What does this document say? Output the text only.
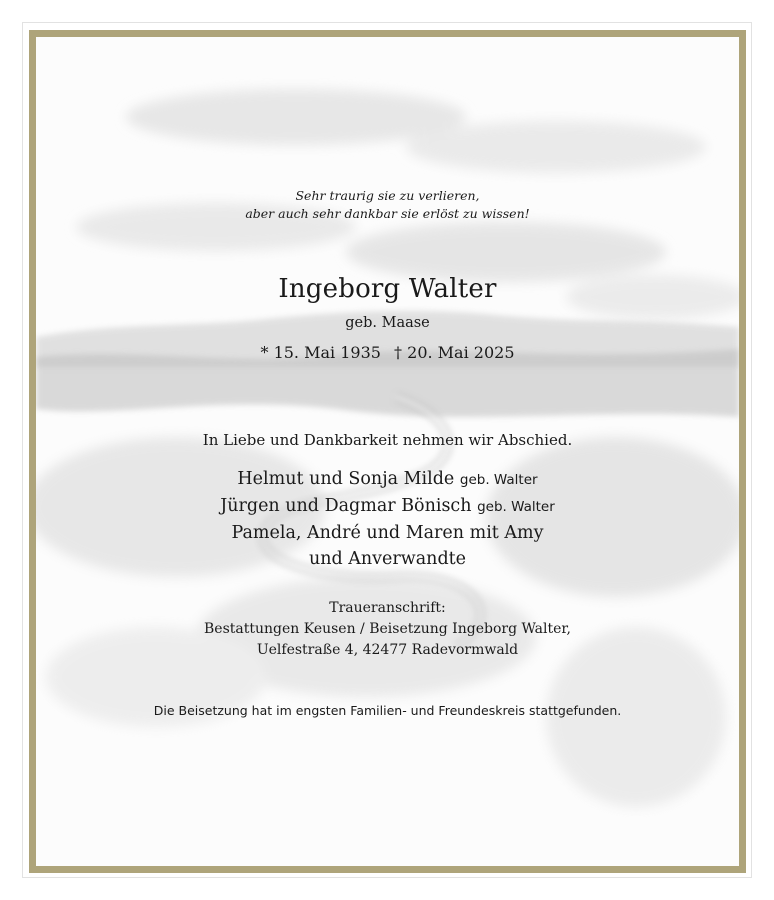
Sehr traurig sie zu verlieren,
aber auch sehr dankbar sie erlöst zu wissen!
Ingeborg Walter
geb. Maase
* 15. Mai 1935 † 20. Mai 2025
In Liebe und Dankbarkeit nehmen wir Abschied.
Helmut und Sonja Milde geb. Walter
Jürgen und Dagmar Bönisch geb. Walter
Pamela, André und Maren mit Amy
und Anverwandte
Traueranschrift:
Bestattungen Keusen / Beisetzung Ingeborg Walter,
Uelfestraße 4, 42477 Radevormwald
Die Beisetzung hat im engsten Familien- und Freundeskreis stattgefunden.
